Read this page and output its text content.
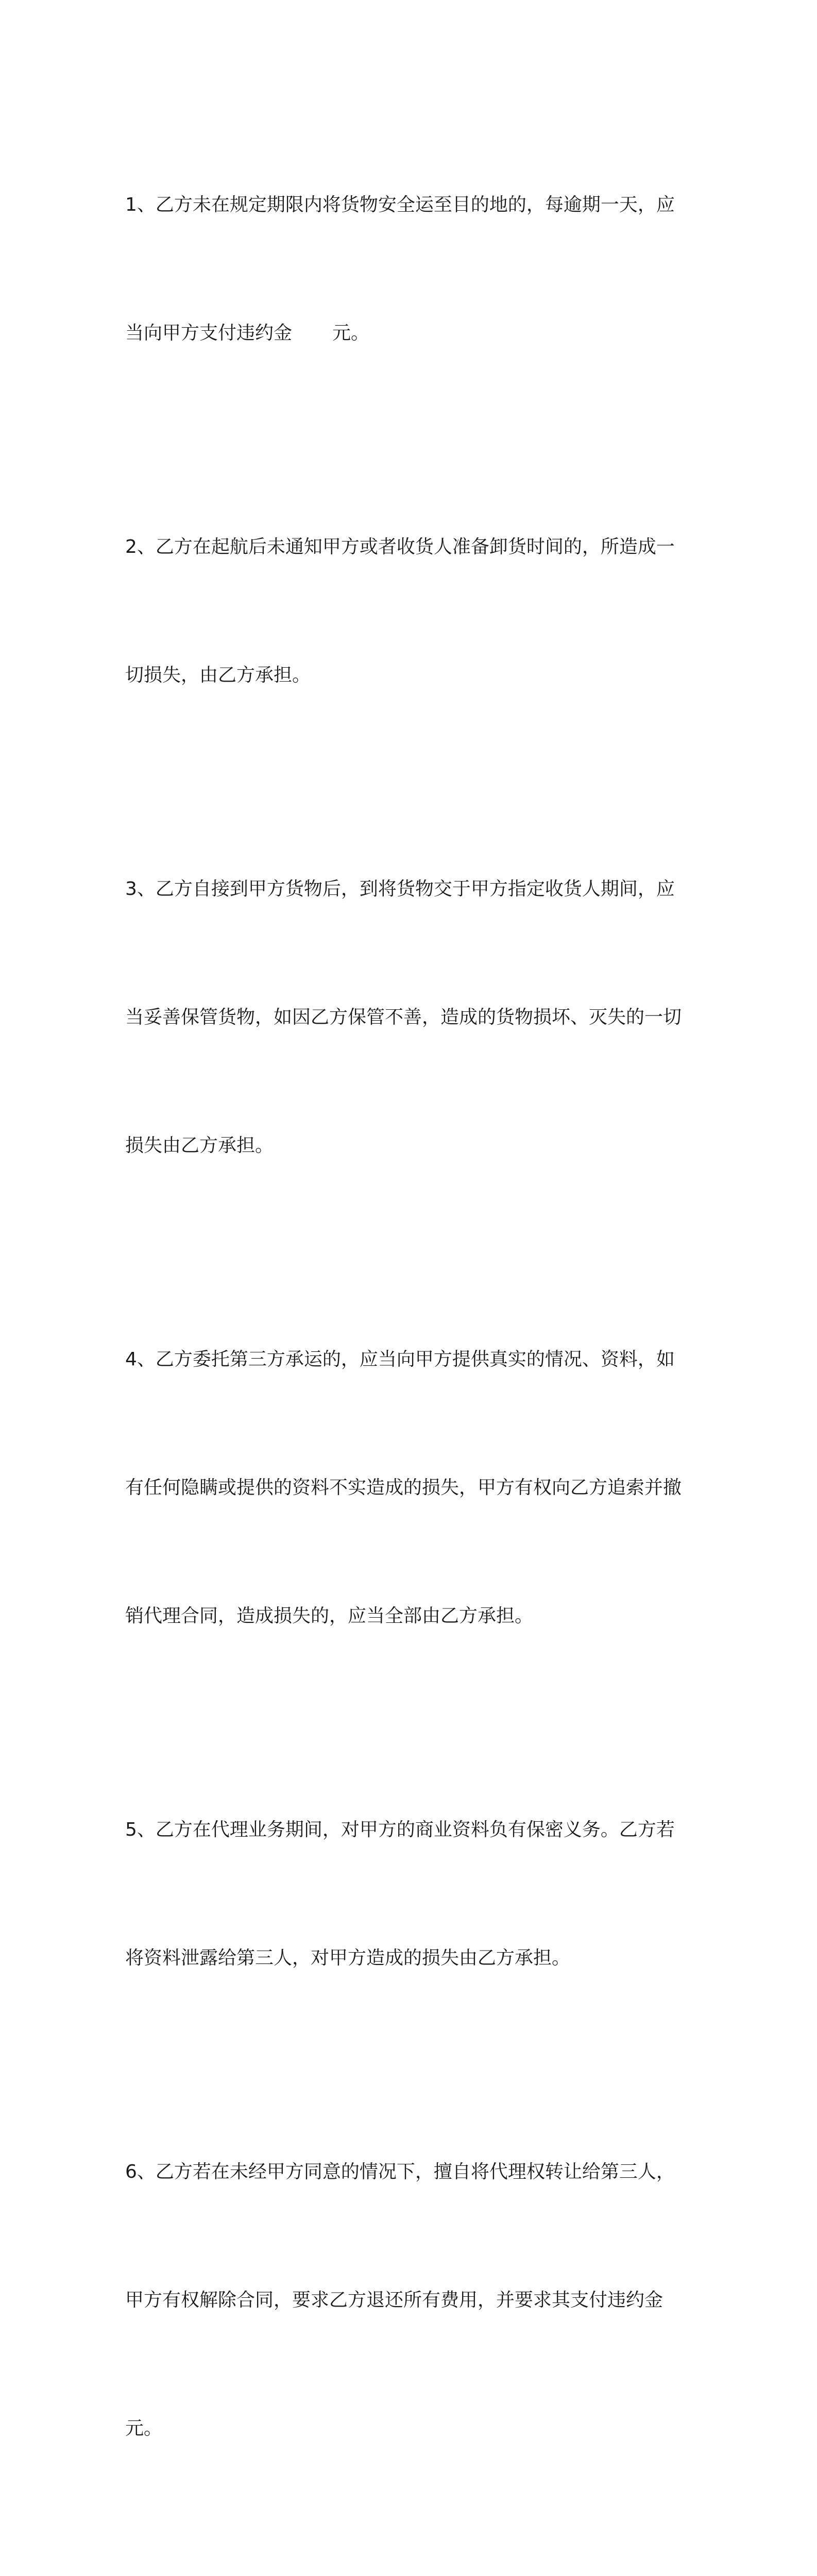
1、乙方未在规定期限内将货物安全运至目的地的，每逾期一天，应

当向甲方支付违约金 元。

2、乙方在起航后未通知甲方或者收货人准备卸货时间的，所造成一

切损失，由乙方承担。

3、乙方自接到甲方货物后，到将货物交于甲方指定收货人期间，应

当妥善保管货物，如因乙方保管不善，造成的货物损坏、灭失的一切

损失由乙方承担。

4、乙方委托第三方承运的，应当向甲方提供真实的情况、资料，如

有任何隐瞒或提供的资料不实造成的损失，甲方有权向乙方追索并撤

销代理合同，造成损失的，应当全部由乙方承担。

5、乙方在代理业务期间，对甲方的商业资料负有保密义务。乙方若

将资料泄露给第三人，对甲方造成的损失由乙方承担。

6、乙方若在未经甲方同意的情况下，擅自将代理权转让给第三人，

甲方有权解除合同，要求乙方退还所有费用，并要求其支付违约金

元。
